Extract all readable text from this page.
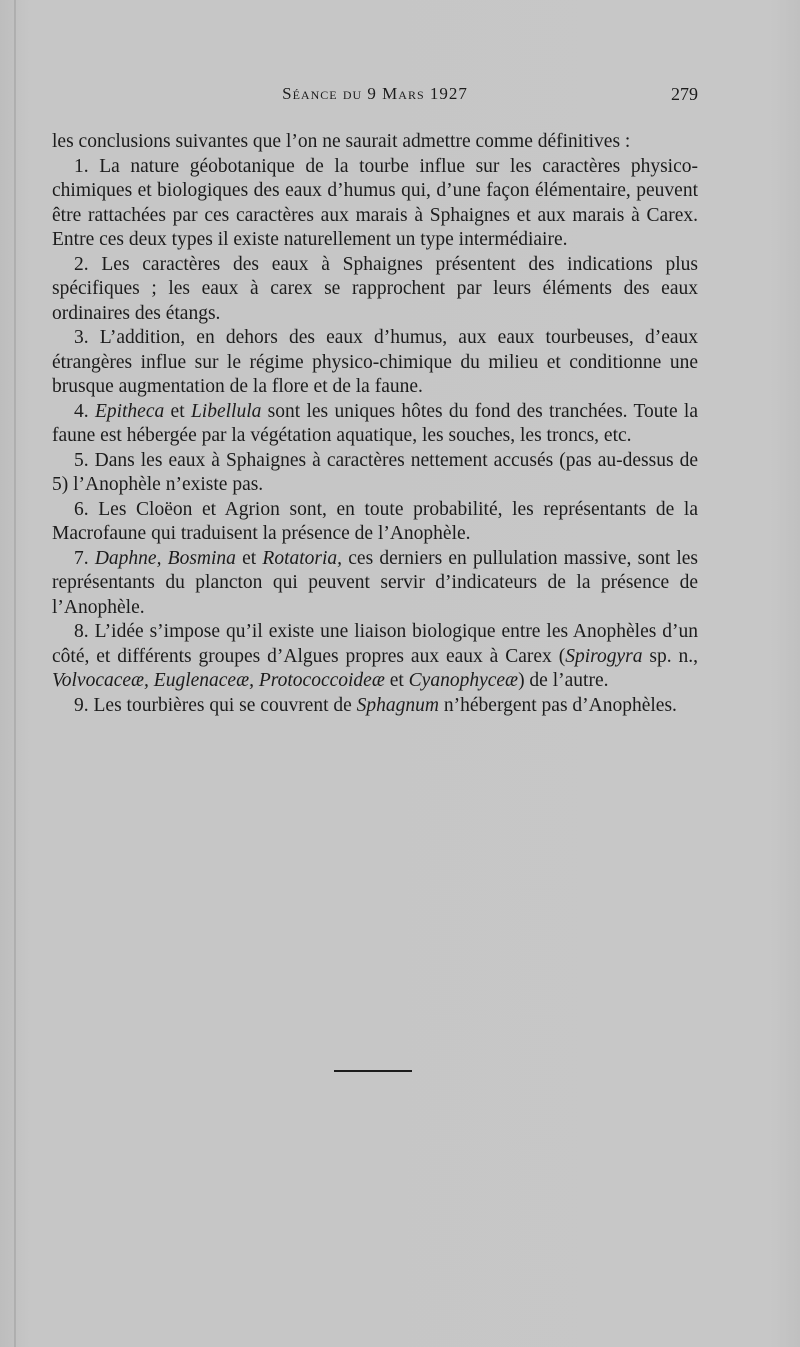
Séance du 9 Mars 1927	279

les conclusions suivantes que l’on ne saurait admettre comme définitives :

1. La nature géobotanique de la tourbe influe sur les caractères physico-chimiques et biologiques des eaux d’humus qui, d’une façon élémentaire, peuvent être rattachées par ces caractères aux marais à Sphaignes et aux marais à Carex. Entre ces deux types il existe naturellement un type intermédiaire.

2. Les caractères des eaux à Sphaignes présentent des indications plus spécifiques ; les eaux à carex se rapprochent par leurs éléments des eaux ordinaires des étangs.

3. L’addition, en dehors des eaux d’humus, aux eaux tourbeuses, d’eaux étrangères influe sur le régime physico-chimique du milieu et conditionne une brusque augmentation de la flore et de la faune.

4. Epitheca et Libellula sont les uniques hôtes du fond des tranchées. Toute la faune est hébergée par la végétation aquatique, les souches, les troncs, etc.

5. Dans les eaux à Sphaignes à caractères nettement accusés (pas au-dessus de 5) l’Anophèle n’existe pas.

6. Les Cloëon et Agrion sont, en toute probabilité, les représentants de la Macrofaune qui traduisent la présence de l’Anophèle.

7. Daphne, Bosmina et Rotatoria, ces derniers en pullulation massive, sont les représentants du plancton qui peuvent servir d’indicateurs de la présence de l’Anophèle.

8. L’idée s’impose qu’il existe une liaison biologique entre les Anophèles d’un côté, et différents groupes d’Algues propres aux eaux à Carex (Spirogyra sp. n., Volvocaceæ, Euglenaceæ, Protococcoideæ et Cyanophyceæ) de l’autre.

9. Les tourbières qui se couvrent de Sphagnum n’hébergent pas d’Anophèles.
